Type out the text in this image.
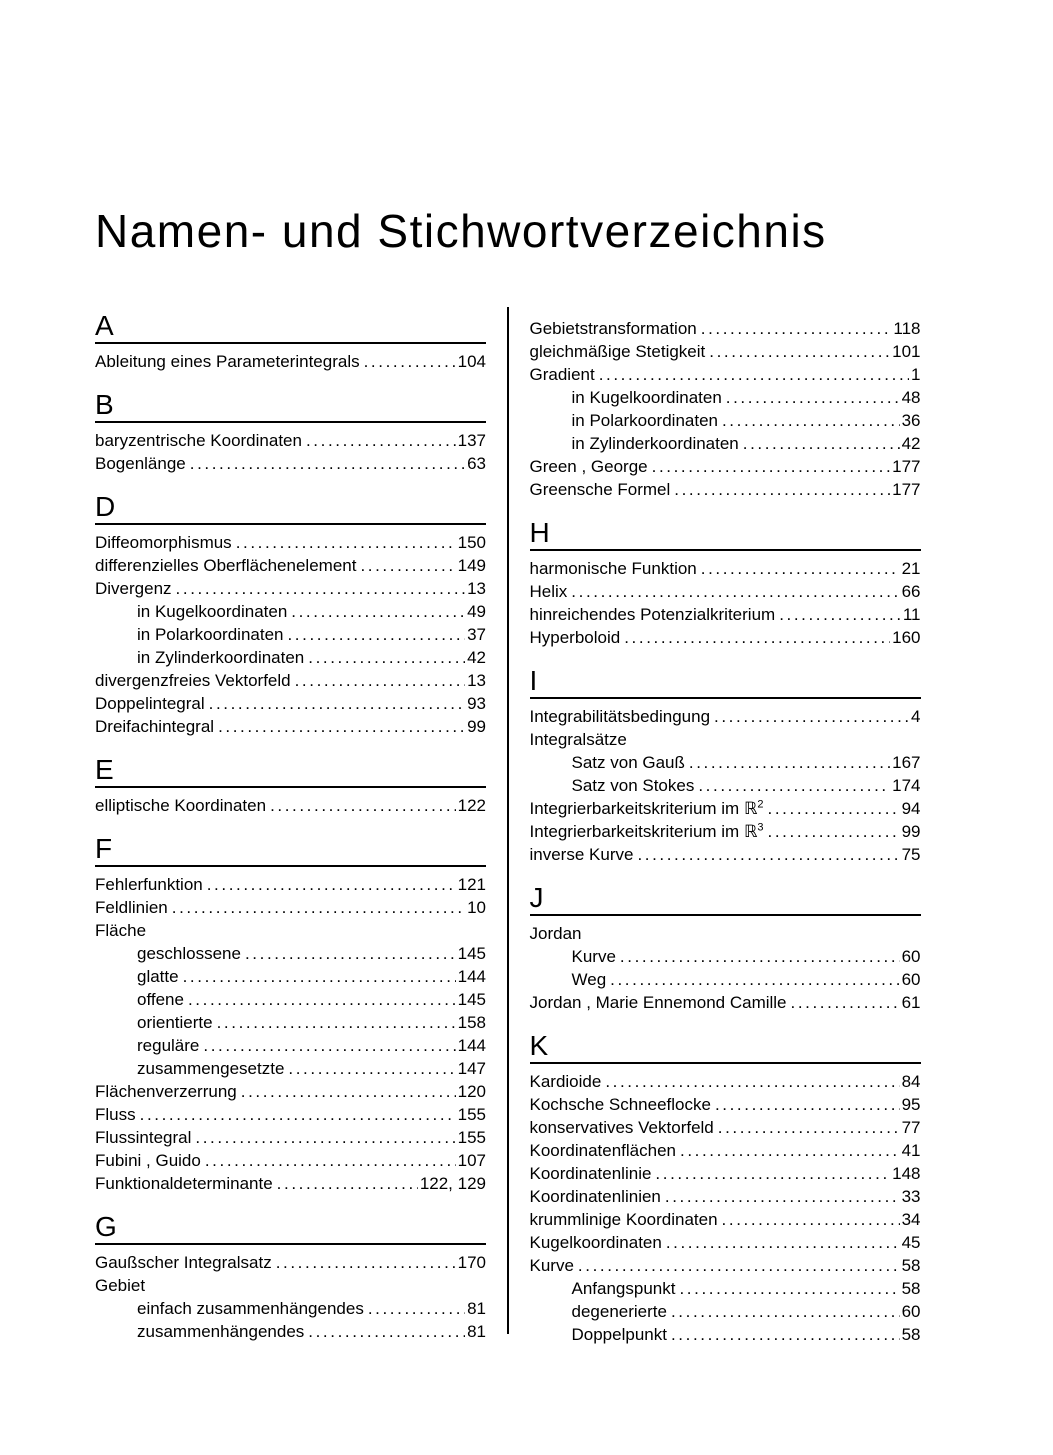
Namen- und Stichwortverzeichnis
A
Ableitung eines Parameterintegrals .....	104
B
baryzentrische Koordinaten .....	137
Bogenlänge .....	63
D
Diffeomorphismus .....	150
differenzielles Oberflächenelement .....	149
Divergenz .....	13
in Kugelkoordinaten .....	49
in Polarkoordinaten .....	37
in Zylinderkoordinaten .....	42
divergenzfreies Vektorfeld .....	13
Doppelintegral .....	93
Dreifachintegral .....	99
E
elliptische Koordinaten .....	122
F
Fehlerfunktion .....	121
Feldlinien .....	10
Fläche
geschlossene .....	145
glatte .....	144
offene .....	145
orientierte .....	158
reguläre .....	144
zusammengesetzte .....	147
Flächenverzerrung .....	120
Fluss .....	155
Flussintegral .....	155
Fubini , Guido .....	107
Funktionaldeterminante .....	122, 129
G
Gaußscher Integralsatz .....	170
Gebiet
einfach zusammenhängendes .....	81
zusammenhängendes .....	81
Gebietstransformation .....	118
gleichmäßige Stetigkeit .....	101
Gradient .....	1
in Kugelkoordinaten .....	48
in Polarkoordinaten .....	36
in Zylinderkoordinaten .....	42
Green , George .....	177
Greensche Formel .....	177
H
harmonische Funktion .....	21
Helix .....	66
hinreichendes Potenzialkriterium .....	11
Hyperboloid .....	160
I
Integrabilitätsbedingung .....	4
Integralsätze
Satz von Gauß .....	167
Satz von Stokes .....	174
Integrierbarkeitskriterium im ℝ$^2$ .....	94
Integrierbarkeitskriterium im ℝ$^3$ .....	99
inverse Kurve .....	75
J
Jordan
Kurve .....	60
Weg .....	60
Jordan , Marie Ennemond Camille .....	61
K
Kardioide .....	84
Kochsche Schneeflocke .....	95
konservatives Vektorfeld .....	77
Koordinatenflächen .....	41
Koordinatenlinie .....	148
Koordinatenlinien .....	33
krummlinige Koordinaten .....	34
Kugelkoordinaten .....	45
Kurve .....	58
Anfangspunkt .....	58
degenerierte .....	60
Doppelpunkt .....	58
